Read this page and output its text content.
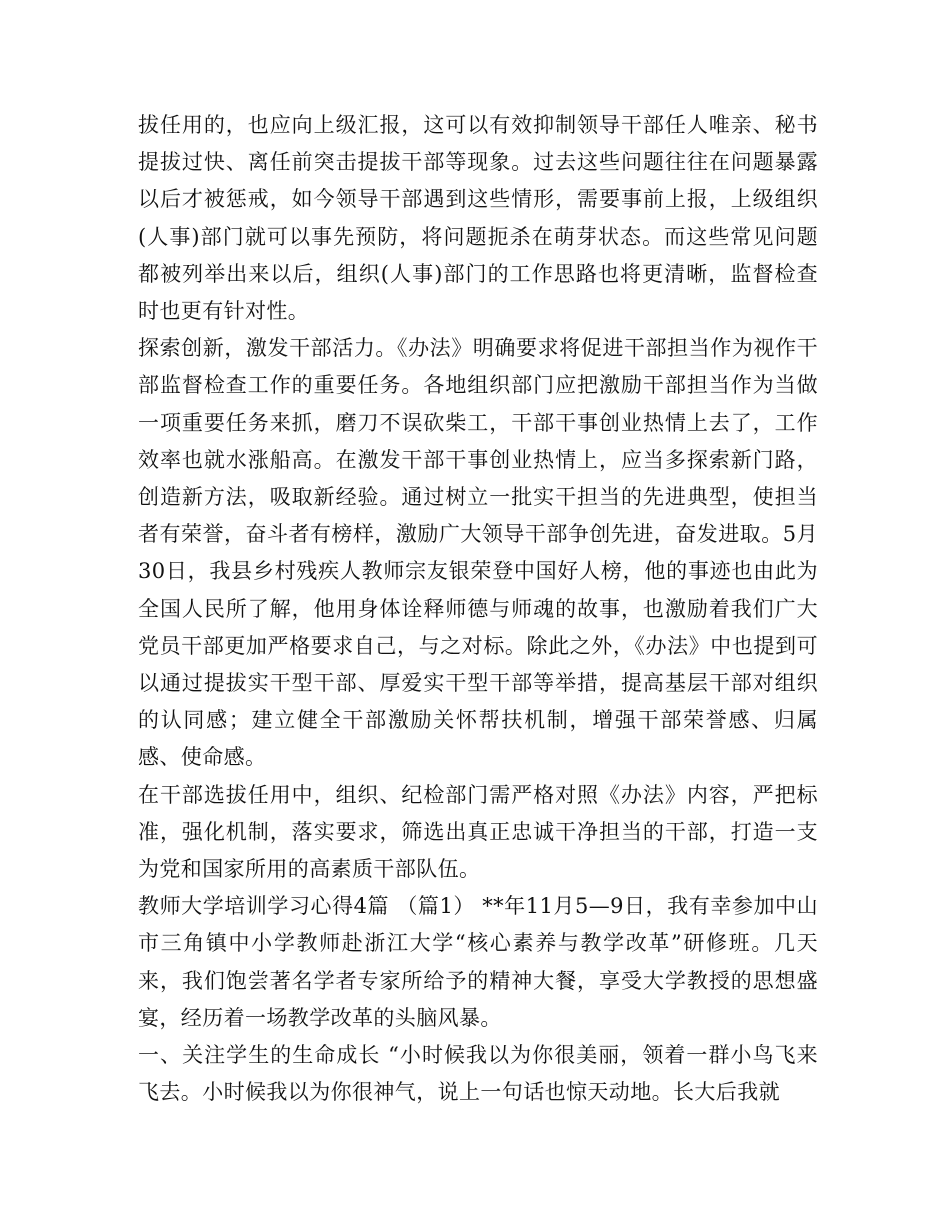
拔任用的，也应向上级汇报，这可以有效抑制领导干部任人唯亲、秘书提拔过快、离任前突击提拔干部等现象。过去这些问题往往在问题暴露以后才被惩戒，如今领导干部遇到这些情形，需要事前上报，上级组织(人事)部门就可以事先预防，将问题扼杀在萌芽状态。而这些常见问题都被列举出来以后，组织(人事)部门的工作思路也将更清晰，监督检查时也更有针对性。

探索创新，激发干部活力。《办法》明确要求将促进干部担当作为视作干部监督检查工作的重要任务。各地组织部门应把激励干部担当作为当做一项重要任务来抓，磨刀不误砍柴工，干部干事创业热情上去了，工作效率也就水涨船高。在激发干部干事创业热情上，应当多探索新门路，创造新方法，吸取新经验。通过树立一批实干担当的先进典型，使担当者有荣誉，奋斗者有榜样，激励广大领导干部争创先进，奋发进取。5月30日，我县乡村残疾人教师宗友银荣登中国好人榜，他的事迹也由此为全国人民所了解，他用身体诠释师德与师魂的故事，也激励着我们广大党员干部更加严格要求自己，与之对标。除此之外，《办法》中也提到可以通过提拔实干型干部、厚爱实干型干部等举措，提高基层干部对组织的认同感；建立健全干部激励关怀帮扶机制，增强干部荣誉感、归属感、使命感。

在干部选拔任用中，组织、纪检部门需严格对照《办法》内容，严把标准，强化机制，落实要求，筛选出真正忠诚干净担当的干部，打造一支为党和国家所用的高素质干部队伍。

教师大学培训学习心得4篇 （篇1） **年11月5—9日，我有幸参加中山市三角镇中小学教师赴浙江大学“核心素养与教学改革”研修班。几天来，我们饱尝著名学者专家所给予的精神大餐，享受大学教授的思想盛宴，经历着一场教学改革的头脑风暴。

一、关注学生的生命成长 “小时候我以为你很美丽，领着一群小鸟飞来飞去。小时候我以为你很神气，说上一句话也惊天动地。长大后我就
